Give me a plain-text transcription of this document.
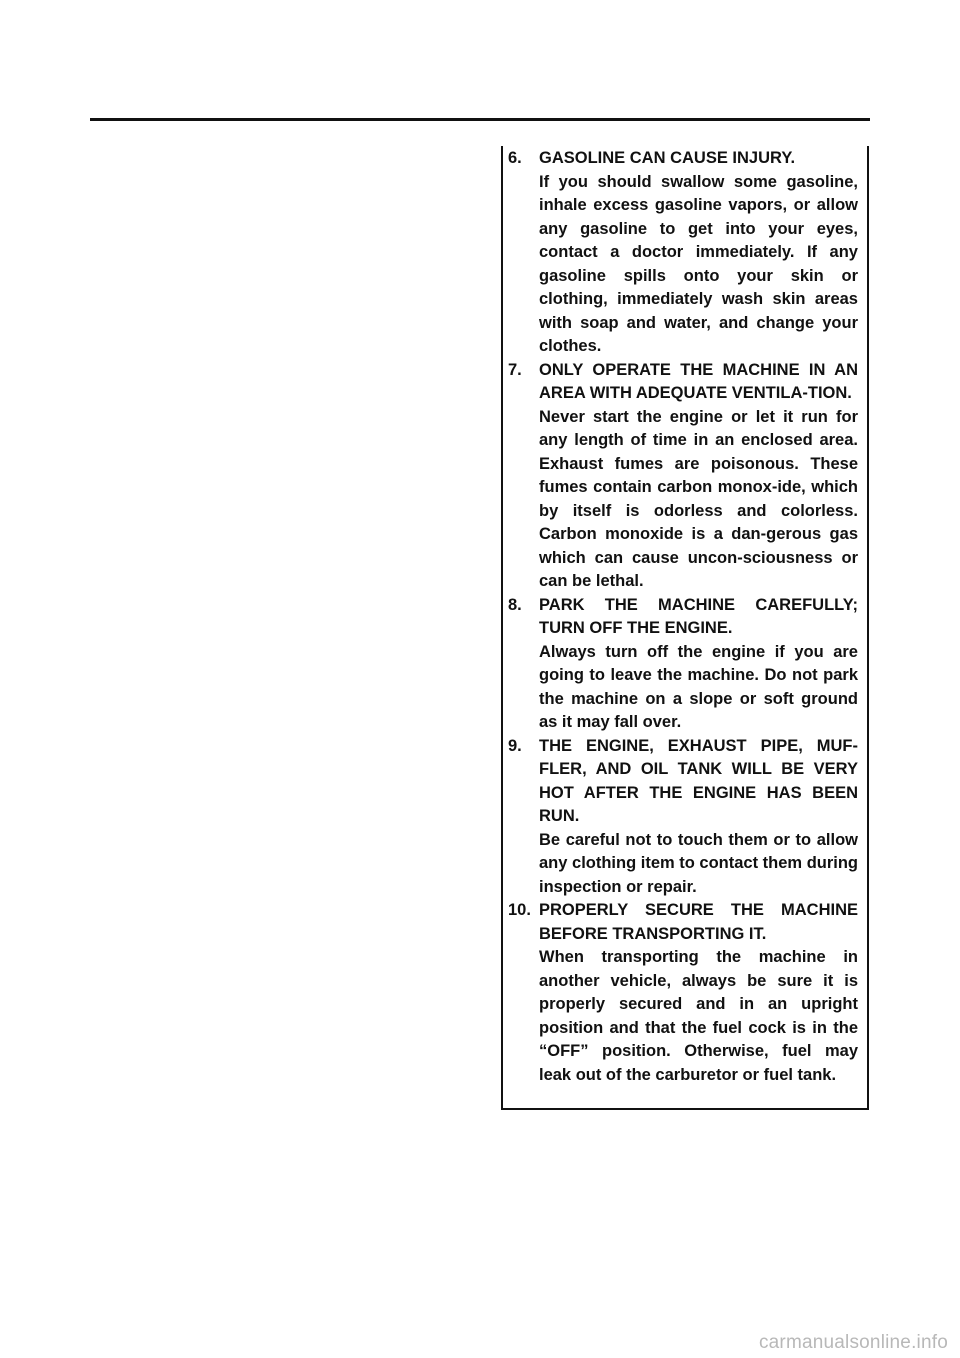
6. GASOLINE CAN CAUSE INJURY.
If you should swallow some gasoline, inhale excess gasoline vapors, or allow any gasoline to get into your eyes, contact a doctor immediately. If any gasoline spills onto your skin or clothing, immediately wash skin areas with soap and water, and change your clothes.
7. ONLY OPERATE THE MACHINE IN AN AREA WITH ADEQUATE VENTILA-TION.
Never start the engine or let it run for any length of time in an enclosed area. Exhaust fumes are poisonous. These fumes contain carbon monox-ide, which by itself is odorless and colorless. Carbon monoxide is a dan-gerous gas which can cause uncon-sciousness or can be lethal.
8. PARK THE MACHINE CAREFULLY; TURN OFF THE ENGINE.
Always turn off the engine if you are going to leave the machine. Do not park the machine on a slope or soft ground as it may fall over.
9. THE ENGINE, EXHAUST PIPE, MUF-FLER, AND OIL TANK WILL BE VERY HOT AFTER THE ENGINE HAS BEEN RUN.
Be careful not to touch them or to allow any clothing item to contact them during inspection or repair.
10. PROPERLY SECURE THE MACHINE BEFORE TRANSPORTING IT.
When transporting the machine in another vehicle, always be sure it is properly secured and in an upright position and that the fuel cock is in the “OFF” position. Otherwise, fuel may leak out of the carburetor or fuel tank.
carmanualsonline.info
